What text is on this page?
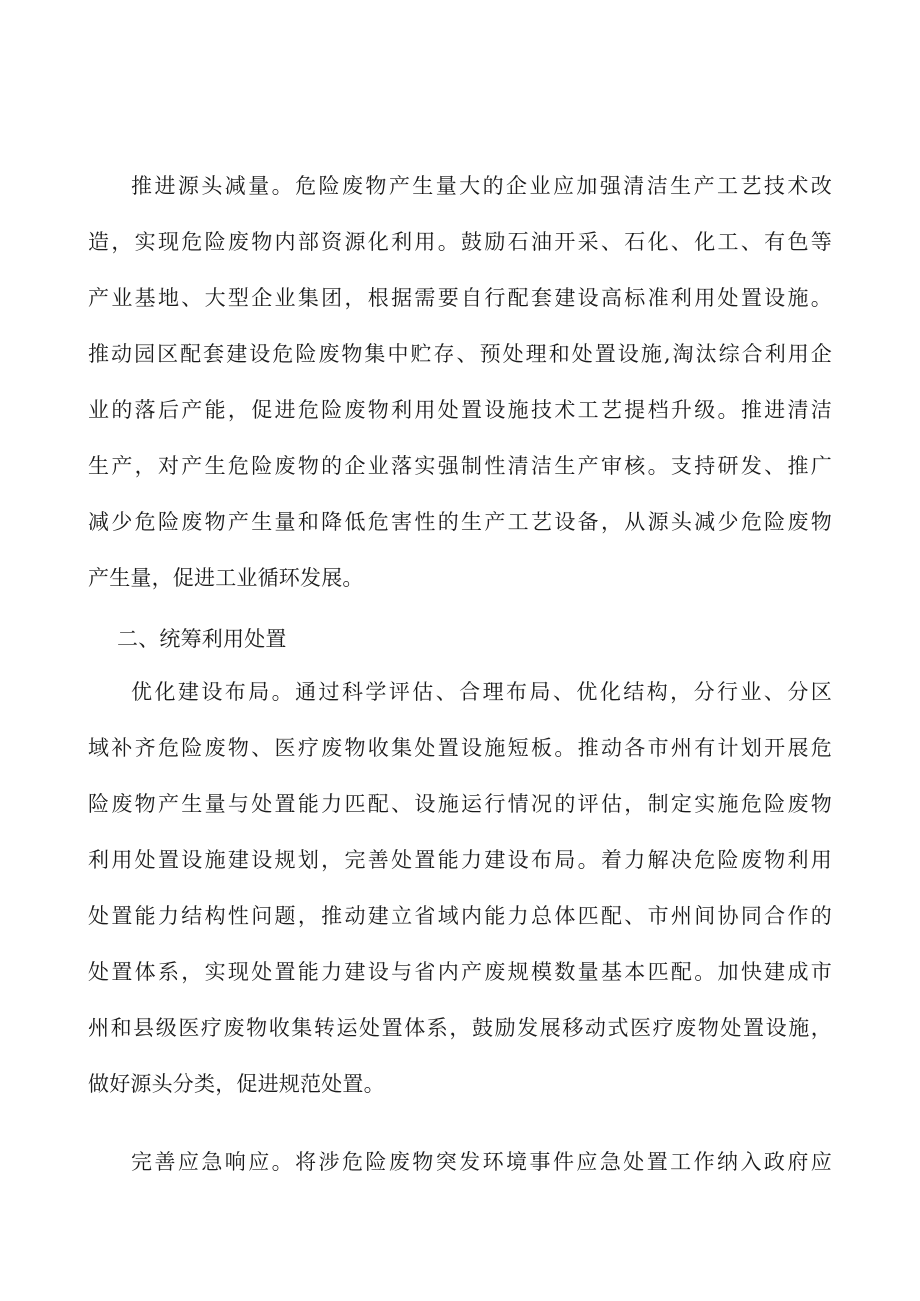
推进源头减量。危险废物产生量大的企业应加强清洁生产工艺技术改
造，实现危险废物内部资源化利用。鼓励石油开采、石化、化工、有色等
产业基地、大型企业集团，根据需要自行配套建设高标准利用处置设施。
推动园区配套建设危险废物集中贮存、预处理和处置设施,淘汰综合利用企
业的落后产能，促进危险废物利用处置设施技术工艺提档升级。推进清洁
生产，对产生危险废物的企业落实强制性清洁生产审核。支持研发、推广
减少危险废物产生量和降低危害性的生产工艺设备，从源头减少危险废物
产生量，促进工业循环发展。
二、统筹利用处置
优化建设布局。通过科学评估、合理布局、优化结构，分行业、分区
域补齐危险废物、医疗废物收集处置设施短板。推动各市州有计划开展危
险废物产生量与处置能力匹配、设施运行情况的评估，制定实施危险废物
利用处置设施建设规划，完善处置能力建设布局。着力解决危险废物利用
处置能力结构性问题，推动建立省域内能力总体匹配、市州间协同合作的
处置体系，实现处置能力建设与省内产废规模数量基本匹配。加快建成市
州和县级医疗废物收集转运处置体系，鼓励发展移动式医疗废物处置设施，
做好源头分类，促进规范处置。
完善应急响应。将涉危险废物突发环境事件应急处置工作纳入政府应
